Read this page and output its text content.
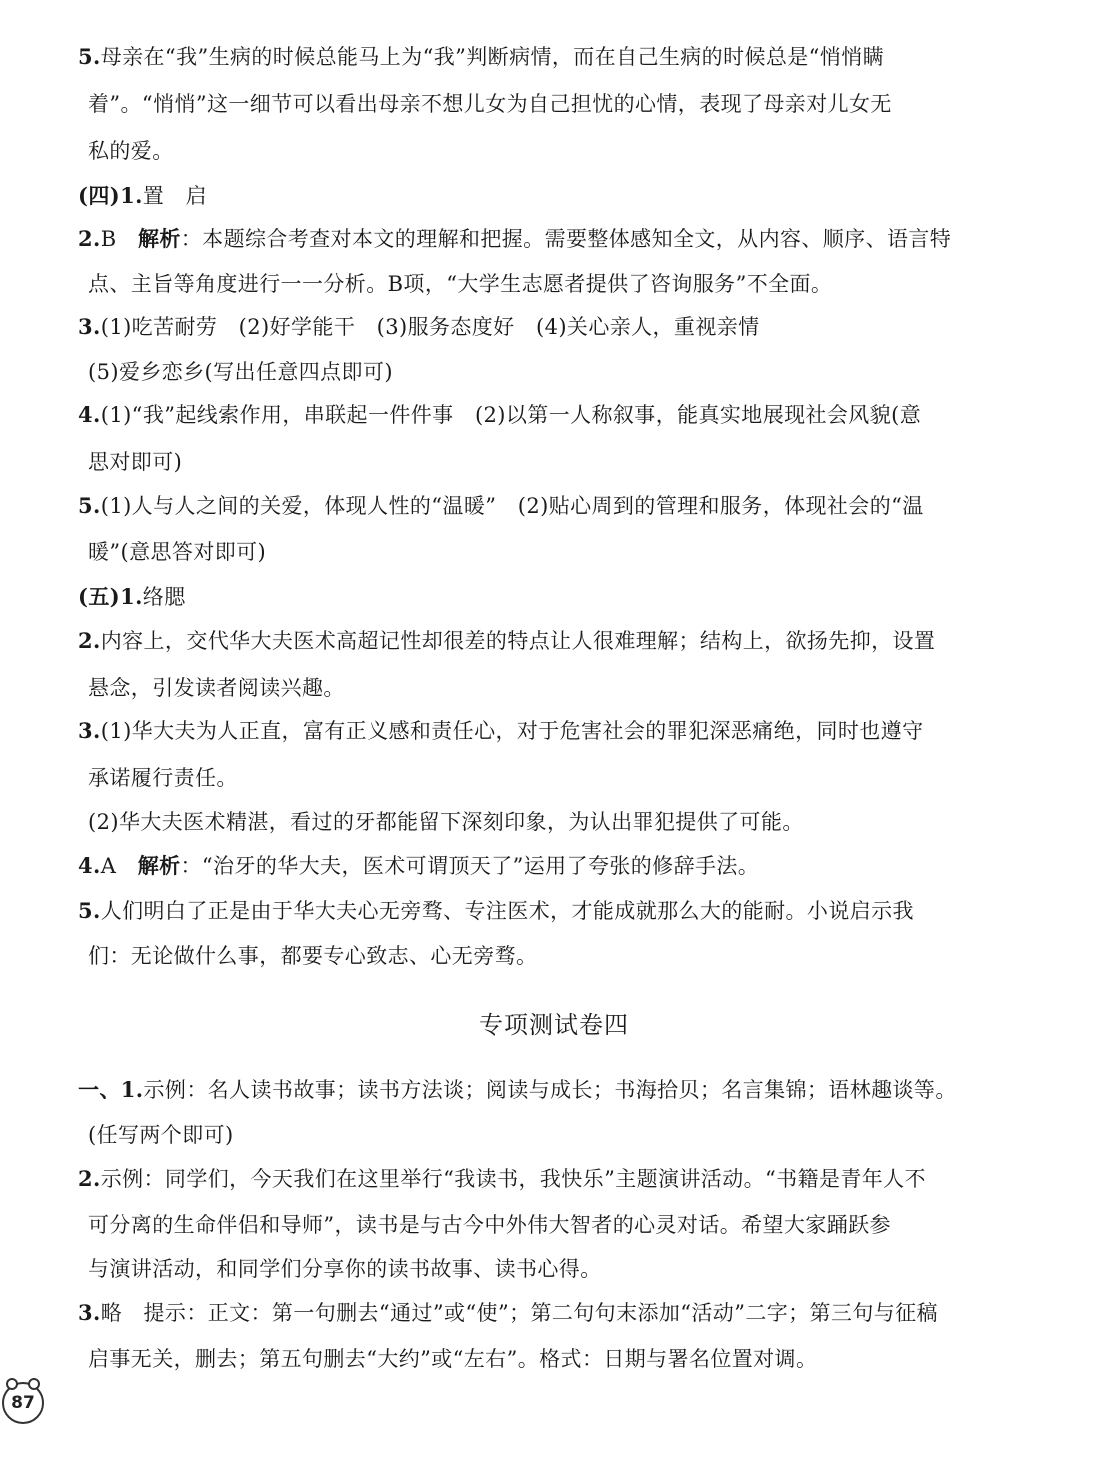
5.母亲在“我”生病的时候总能马上为“我”判断病情，而在自己生病的时候总是“悄悄瞒
着”。“悄悄”这一细节可以看出母亲不想儿女为自己担忧的心情，表现了母亲对儿女无
私的爱。
(四)1.置　启
2.B　解析：本题综合考查对本文的理解和把握。需要整体感知全文，从内容、顺序、语言特
点、主旨等角度进行一一分析。B项，“大学生志愿者提供了咨询服务”不全面。
3.(1)吃苦耐劳　(2)好学能干　(3)服务态度好　(4)关心亲人，重视亲情
(5)爱乡恋乡(写出任意四点即可)
4.(1)“我”起线索作用，串联起一件件事　(2)以第一人称叙事，能真实地展现社会风貌(意
思对即可)
5.(1)人与人之间的关爱，体现人性的“温暖”　(2)贴心周到的管理和服务，体现社会的“温
暖”(意思答对即可)
(五)1.络腮
2.内容上，交代华大夫医术高超记性却很差的特点让人很难理解；结构上，欲扬先抑，设置
悬念，引发读者阅读兴趣。
3.(1)华大夫为人正直，富有正义感和责任心，对于危害社会的罪犯深恶痛绝，同时也遵守
承诺履行责任。
(2)华大夫医术精湛，看过的牙都能留下深刻印象，为认出罪犯提供了可能。
4.A　解析：“治牙的华大夫，医术可谓顶天了”运用了夸张的修辞手法。
5.人们明白了正是由于华大夫心无旁骛、专注医术，才能成就那么大的能耐。小说启示我
们：无论做什么事，都要专心致志、心无旁骛。
专项测试卷四
一、1.示例：名人读书故事；读书方法谈；阅读与成长；书海拾贝；名言集锦；语林趣谈等。
(任写两个即可)
2.示例：同学们，今天我们在这里举行“我读书，我快乐”主题演讲活动。“书籍是青年人不
可分离的生命伴侣和导师”，读书是与古今中外伟大智者的心灵对话。希望大家踊跃参
与演讲活动，和同学们分享你的读书故事、读书心得。
3.略　提示：正文：第一句删去“通过”或“使”；第二句句末添加“活动”二字；第三句与征稿
启事无关，删去；第五句删去“大约”或“左右”。格式：日期与署名位置对调。
87
